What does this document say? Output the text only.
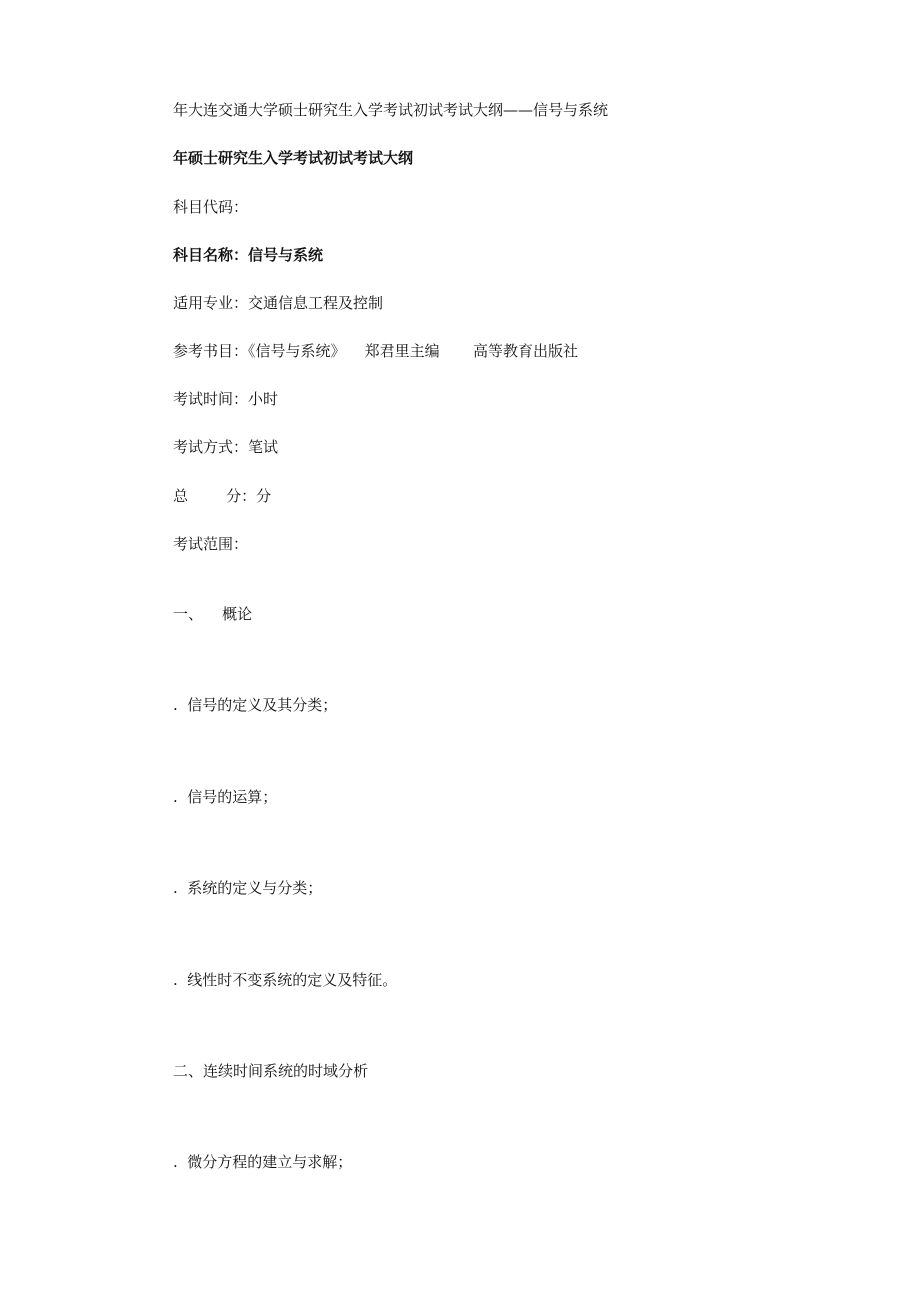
年大连交通大学硕士研究生入学考试初试考试大纲——信号与系统
年硕士研究生入学考试初试考试大纲
科目代码：
科目名称：信号与系统
适用专业：交通信息工程及控制
参考书目：《信号与系统》    郑君里主编       高等教育出版社
考试时间：小时
考试方式：笔试
总        分：分
考试范围：
一、    概论
.  信号的定义及其分类；
.  信号的运算；
.  系统的定义与分类；
.  线性时不变系统的定义及特征。
二、连续时间系统的时域分析
.  微分方程的建立与求解；
